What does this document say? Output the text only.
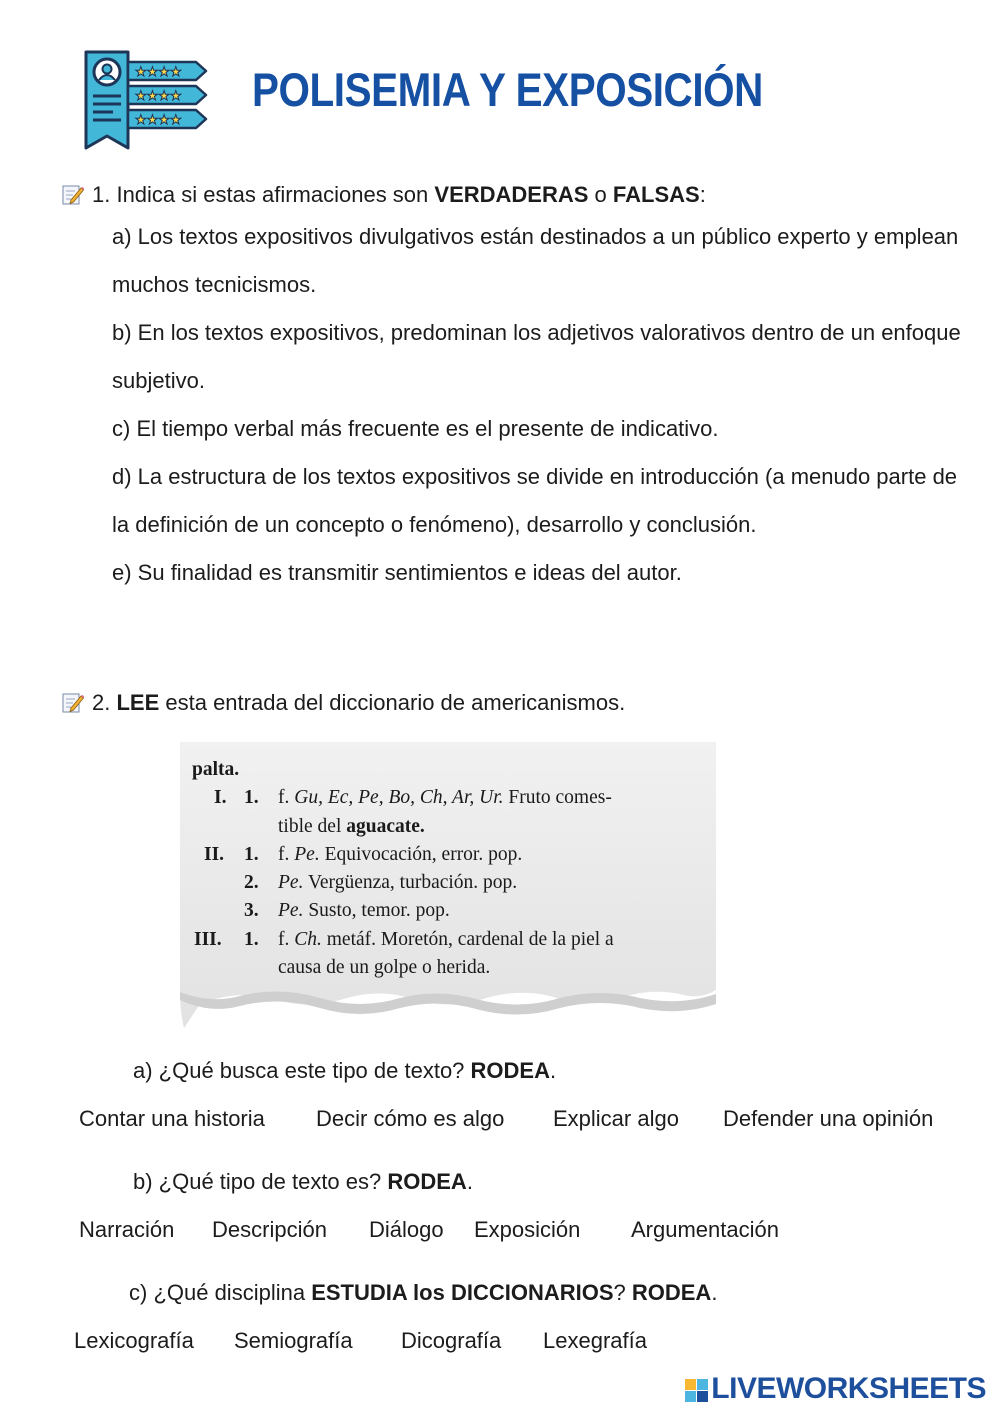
★★★★
★★★★
★★★★
POLISEMIA Y EXPOSICIÓN
1. Indica si estas afirmaciones son VERDADERAS o FALSAS:

a) Los textos expositivos divulgativos están destinados a un público experto y emplean muchos tecnicismos.

b) En los textos expositivos, predominan los adjetivos valorativos dentro de un enfoque subjetivo.

c) El tiempo verbal más frecuente es el presente de indicativo.

d) La estructura de los textos expositivos se divide en introducción (a menudo parte de la definición de un concepto o fenómeno), desarrollo y conclusión.

e) Su finalidad es transmitir sentimientos e ideas del autor.

2. LEE esta entrada del diccionario de americanismos.
palta.
I. 1. f. Gu, Ec, Pe, Bo, Ch, Ar, Ur. Fruto comes-
tible del aguacate.
II. 1. f. Pe. Equivocación, error. pop.
2. Pe. Vergüenza, turbación. pop.
3. Pe. Susto, temor. pop.
III. 1. f. Ch. metáf. Moretón, cardenal de la piel a
causa de un golpe o herida.
a) ¿Qué busca este tipo de texto? RODEA.
Contar una historia Decir cómo es algo Explicar algo Defender una opinión
b) ¿Qué tipo de texto es? RODEA.
Narración Descripción Diálogo Exposición Argumentación
c) ¿Qué disciplina ESTUDIA los DICCIONARIOS? RODEA.
Lexicografía Semiografía Dicografía Lexegrafía
LIVEWORKSHEETS
